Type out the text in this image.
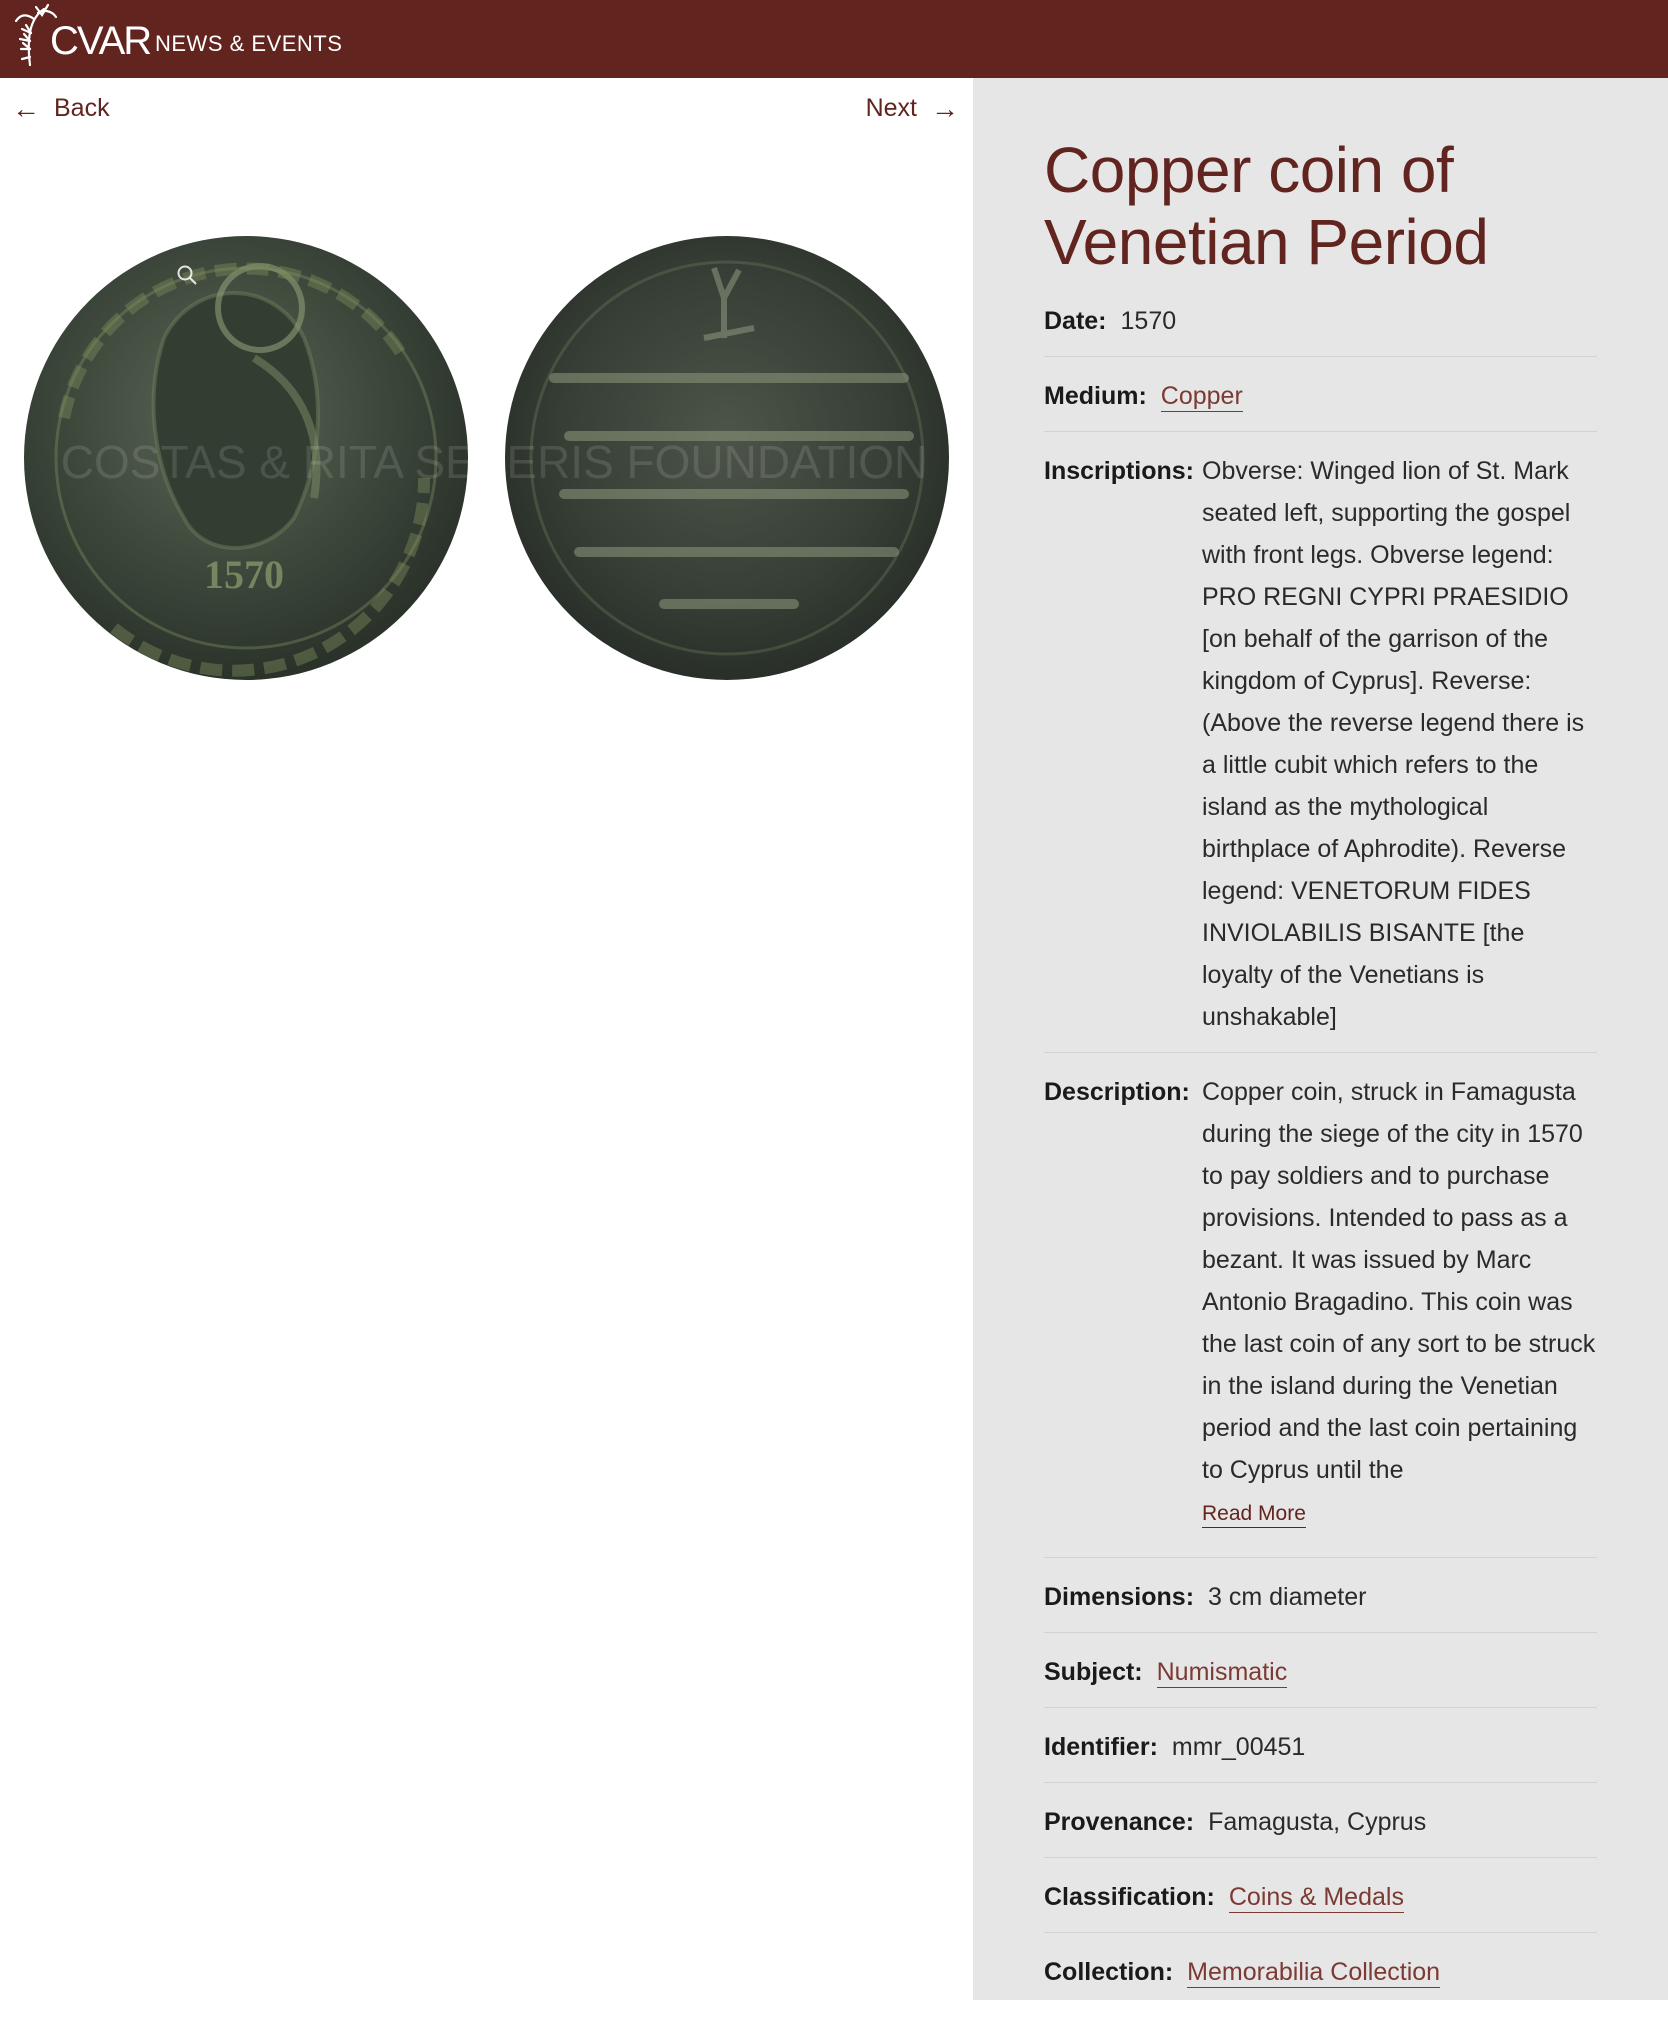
CVAR NEWS & EVENTS
← Back	Next →
1570
COSTAS & RITA SEVERIS FOUNDATION
CONTACT
GR / TR /
Copper coin of Venetian Period
Date: 1570
Medium: Copper
Inscriptions: Obverse: Winged lion of St. Mark seated left, supporting the gospel with front legs. Obverse legend: PRO REGNI CYPRI PRAESIDIO [on behalf of the garrison of the kingdom of Cyprus]. Reverse: (Above the reverse legend there is a little cubit which refers to the island as the mythological birthplace of Aphrodite). Reverse legend: VENETORUM FIDES INVIOLABILIS BISANTE [the loyalty of the Venetians is unshakable]
Description: Copper coin, struck in Famagusta during the siege of the city in 1570 to pay soldiers and to purchase provisions. Intended to pass as a bezant. It was issued by Marc Antonio Bragadino. This coin was the last coin of any sort to be struck in the island during the Venetian period and the last coin pertaining to Cyprus until the
Read More
Dimensions: 3 cm diameter
Subject: Numismatic
Identifier: mmr_00451
Provenance: Famagusta, Cyprus
Classification: Coins & Medals
Collection: Memorabilia Collection
